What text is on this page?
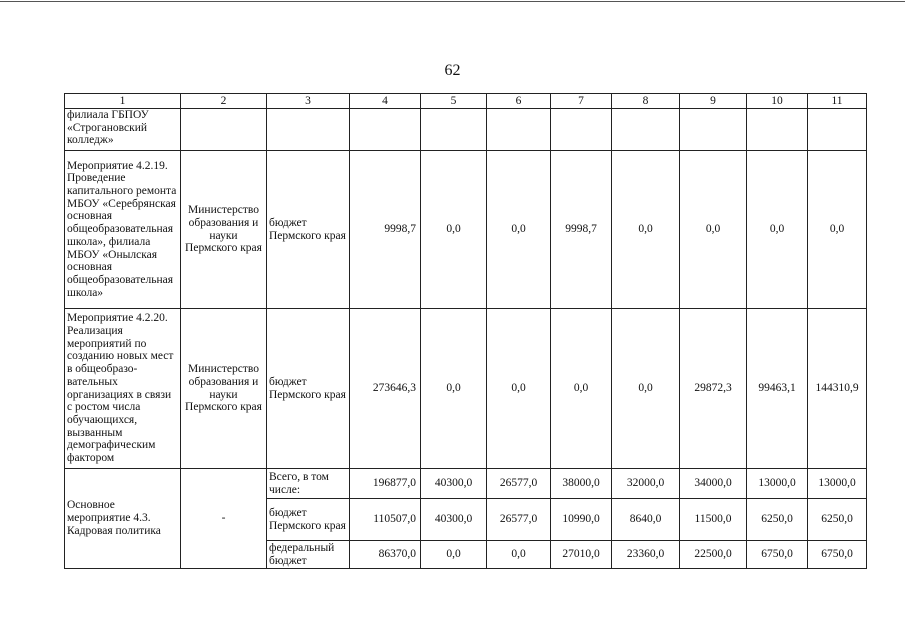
62
1	2	3	4	5	6	7	8	9	10	11
филиала ГБПОУ «Строгановский колледж»										
Мероприятие 4.2.19. Проведение капитального ремонта МБОУ «Серебрянская основная общеобразовательная школа», филиала МБОУ «Онылская основная общеобразовательная школа»	Министерство образования и науки Пермского края	бюджет Пермского края	9998,7	0,0	0,0	9998,7	0,0	0,0	0,0	0,0
Мероприятие 4.2.20. Реализация мероприятий по созданию новых мест в общеобразо-вательных организациях в связи с ростом числа обучающихся, вызванным демографическим фактором	Министерство образования и науки Пермского края	бюджет Пермского края	273646,3	0,0	0,0	0,0	0,0	29872,3	99463,1	144310,9
Основное мероприятие 4.3. Кадровая политика	-	Всего, в том числе:	196877,0	40300,0	26577,0	38000,0	32000,0	34000,0	13000,0	13000,0
		бюджет Пермского края	110507,0	40300,0	26577,0	10990,0	8640,0	11500,0	6250,0	6250,0
		федеральный бюджет	86370,0	0,0	0,0	27010,0	23360,0	22500,0	6750,0	6750,0
